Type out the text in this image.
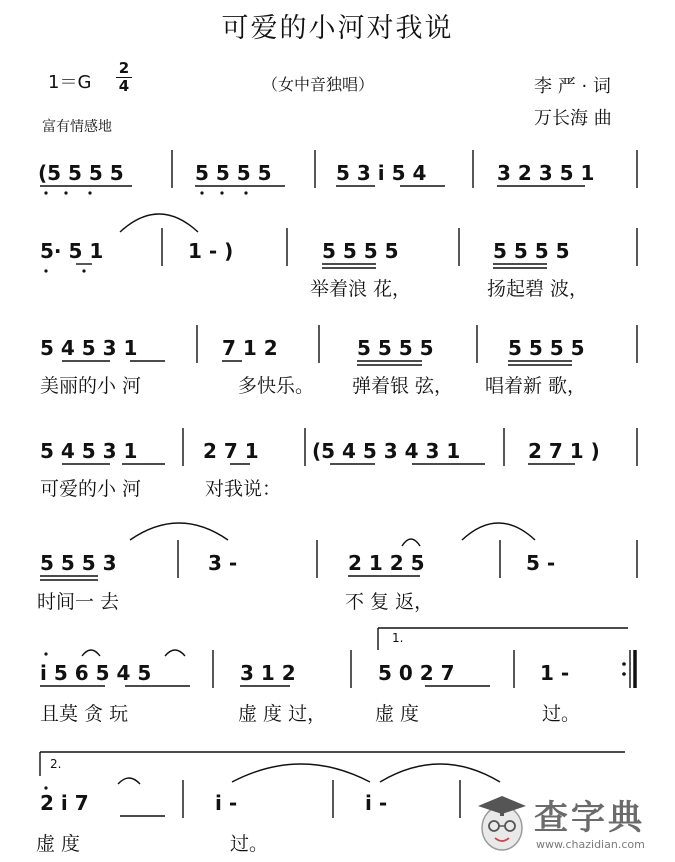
可爱的小河对我说
1＝G
2
4
富有情感地
（女中音独唱）	李 严 · 词
万长海 曲
(5 5 5 5	5 5 5 5	5 3 i 5 4	3 2 3 5 1
5· 5 1	1 - )	5 5 5 5	5 5 5 5
举着浪 花，	扬起碧 波，
5 4 5 3 1	7 1 2	5 5 5 5	5 5 5 5
美丽的小 河	多快乐。 弹着银 弦， 唱着新 歌，
5 4 5 3 1	2 7 1	(5 4 5 3 4 3 1	2 7 1 )
可爱的小 河	对我说：
5 5 5 3	3 -	2 1 2 5	5 -
时间一 去	不 复 返，
i 5 6 5 4 5	3 1 2	5 0 2 7	1 -
且莫 贪 玩	虚 度 过，	虚 度	过。
2 i 7	i -	i -
虚 度	过。
1.
2.
查字典
www.chazidian.com
